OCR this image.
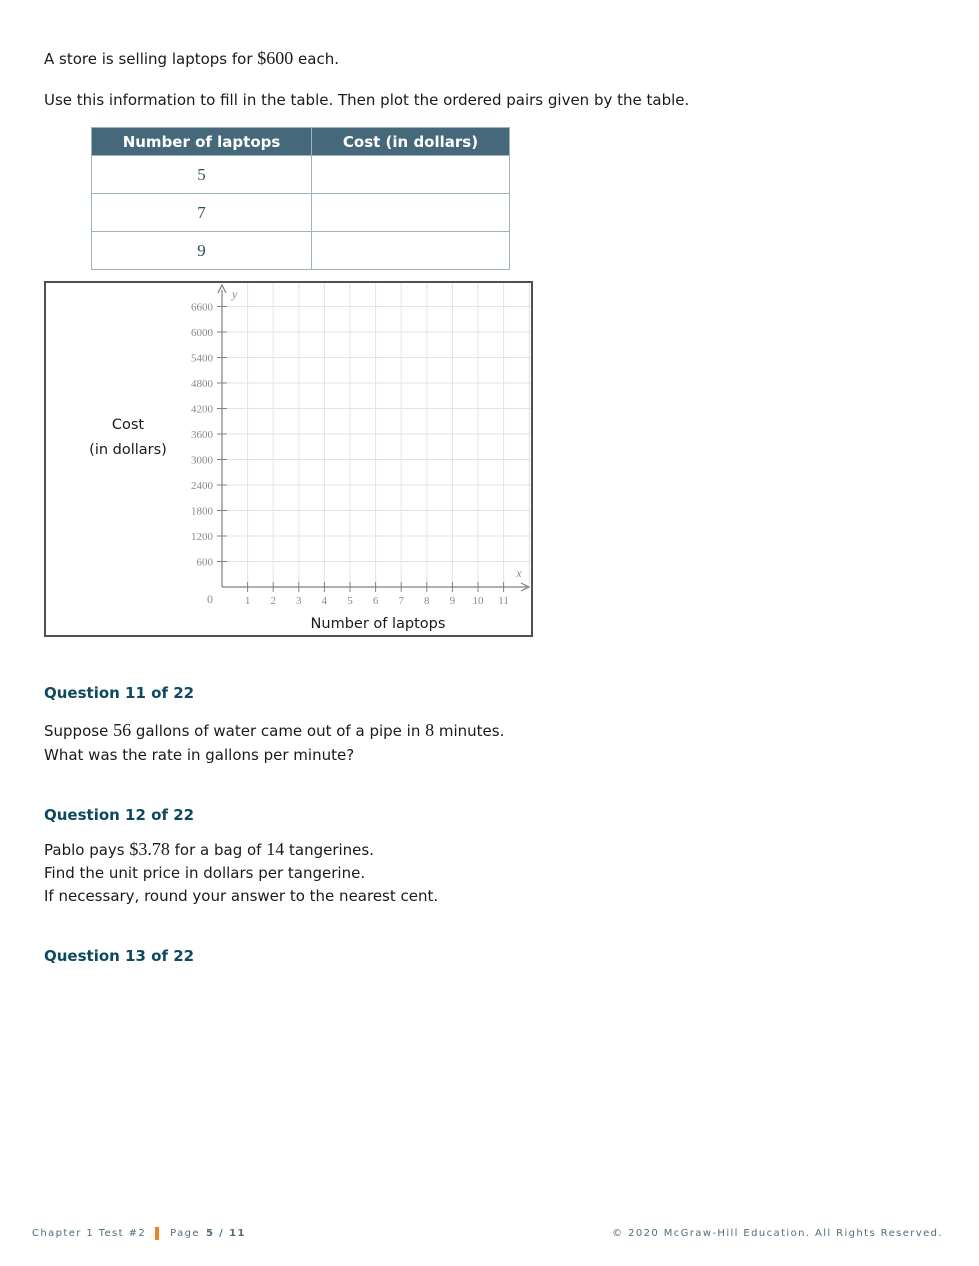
A store is selling laptops for $600 each.
Use this information to fill in the table. Then plot the ordered pairs given by the table.
Number of laptops	Cost (in dollars)
5	
7	
9	
600
1200
1800
2400
3000
3600
4200
4800
5400
6000
6600
1 2 3 4 5 6 7 8 9 10 11
0
y
x
Cost
(in dollars)
Number of laptops
Question 11 of 22
Suppose 56 gallons of water came out of a pipe in 8 minutes.
What was the rate in gallons per minute?
Question 12 of 22
Pablo pays $3.78 for a bag of 14 tangerines.
Find the unit price in dollars per tangerine.
If necessary, round your answer to the nearest cent.
Question 13 of 22
Chapter 1 Test #2 Page 5 / 11	© 2020 McGraw-Hill Education. All Rights Reserved.
